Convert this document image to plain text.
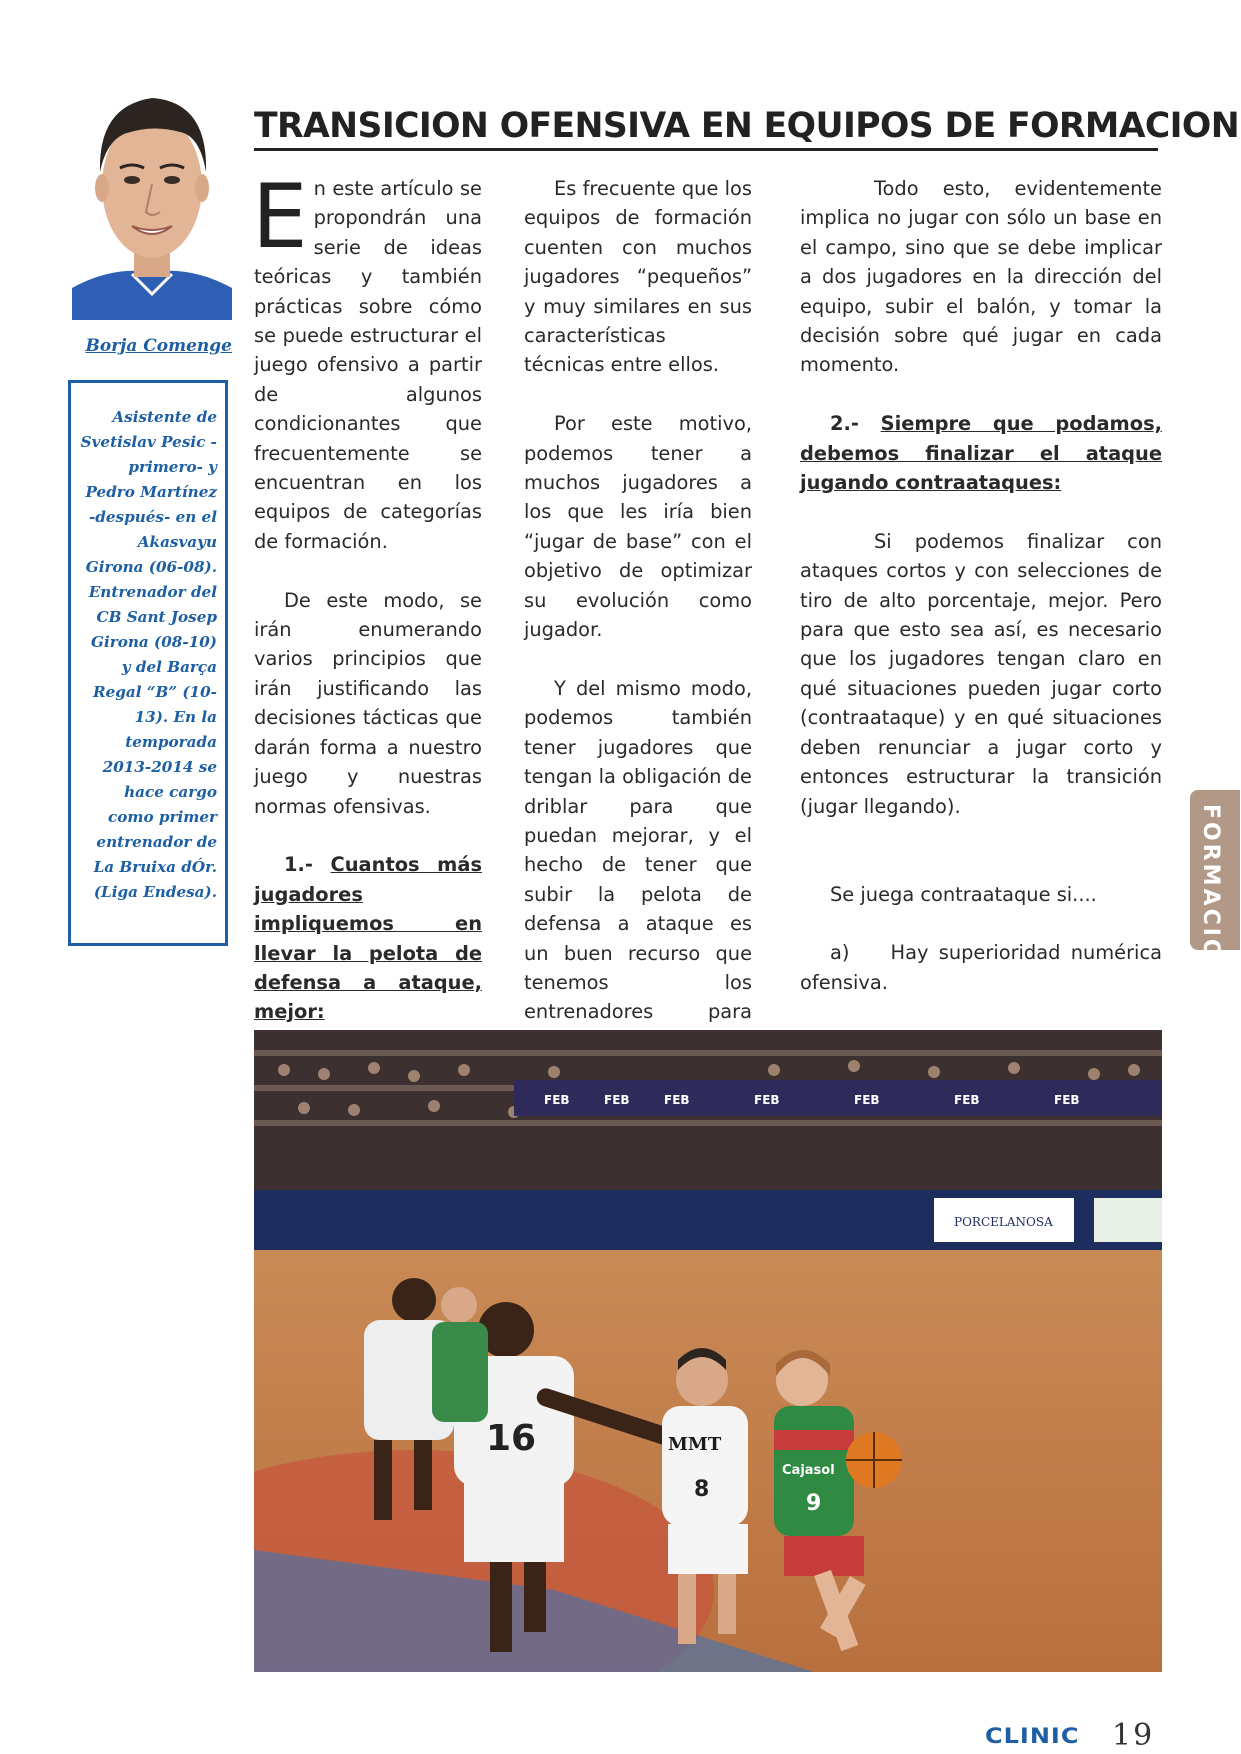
Borja Comenge
Asistente de Svetislav Pesic -primero- y Pedro Martínez -después- en el Akasvayu Girona (06-08). Entrenador del CB Sant Josep Girona (08-10) y del Barça Regal “B” (10-13). En la temporada 2013-2014 se hace cargo como primer entrenador de La Bruixa dÓr. (Liga Endesa).
TRANSICION OFENSIVA EN EQUIPOS DE FORMACION

En este artículo se propondrán una serie de ideas teóricas y también prácticas sobre cómo se puede estructurar el juego ofensivo a partir de algunos condicionantes que frecuentemente se encuentran en los equipos de categorías de formación.

De este modo, se irán enumerando varios principios que irán justificando las decisiones tácticas que darán forma a nuestro juego y nuestras normas ofensivas.

1.- Cuantos más jugadores impliquemos en llevar la pelota de defensa a ataque, mejor:

Es frecuente que los equipos de formación cuenten con muchos jugadores “pequeños” y muy similares en sus características técnicas entre ellos.

Por este motivo, podemos tener a muchos jugadores a los que les iría bien “jugar de base” con el objetivo de optimizar su evolución como jugador.

Y del mismo modo, podemos también tener jugadores que tengan la obligación de driblar para que puedan mejorar, y el hecho de tener que subir la pelota de defensa a ataque es un buen recurso que tenemos los entrenadores para

Todo esto, evidentemente implica no jugar con sólo un base en el campo, sino que se debe implicar a dos jugadores en la dirección del equipo, subir el balón, y tomar la decisión sobre qué jugar en cada momento.

2.- Siempre que podamos, debemos finalizar el ataque jugando contraataques:

Si podemos finalizar con ataques cortos y con selecciones de tiro de alto porcentaje, mejor. Pero para que esto sea así, es necesario que los jugadores tengan claro en qué situaciones pueden jugar corto (contraataque) y en qué situaciones deben renunciar a jugar corto y entonces estructurar la transición (jugar llegando).

Se juega contraataque si....

a)    Hay superioridad numérica ofensiva.

FEB	FEB	FEB	FEB	FEB	FEB	FEB
PORCELANOSA
16	MMT
8
Cajasol
9
FORMACION
CLINIC 19
